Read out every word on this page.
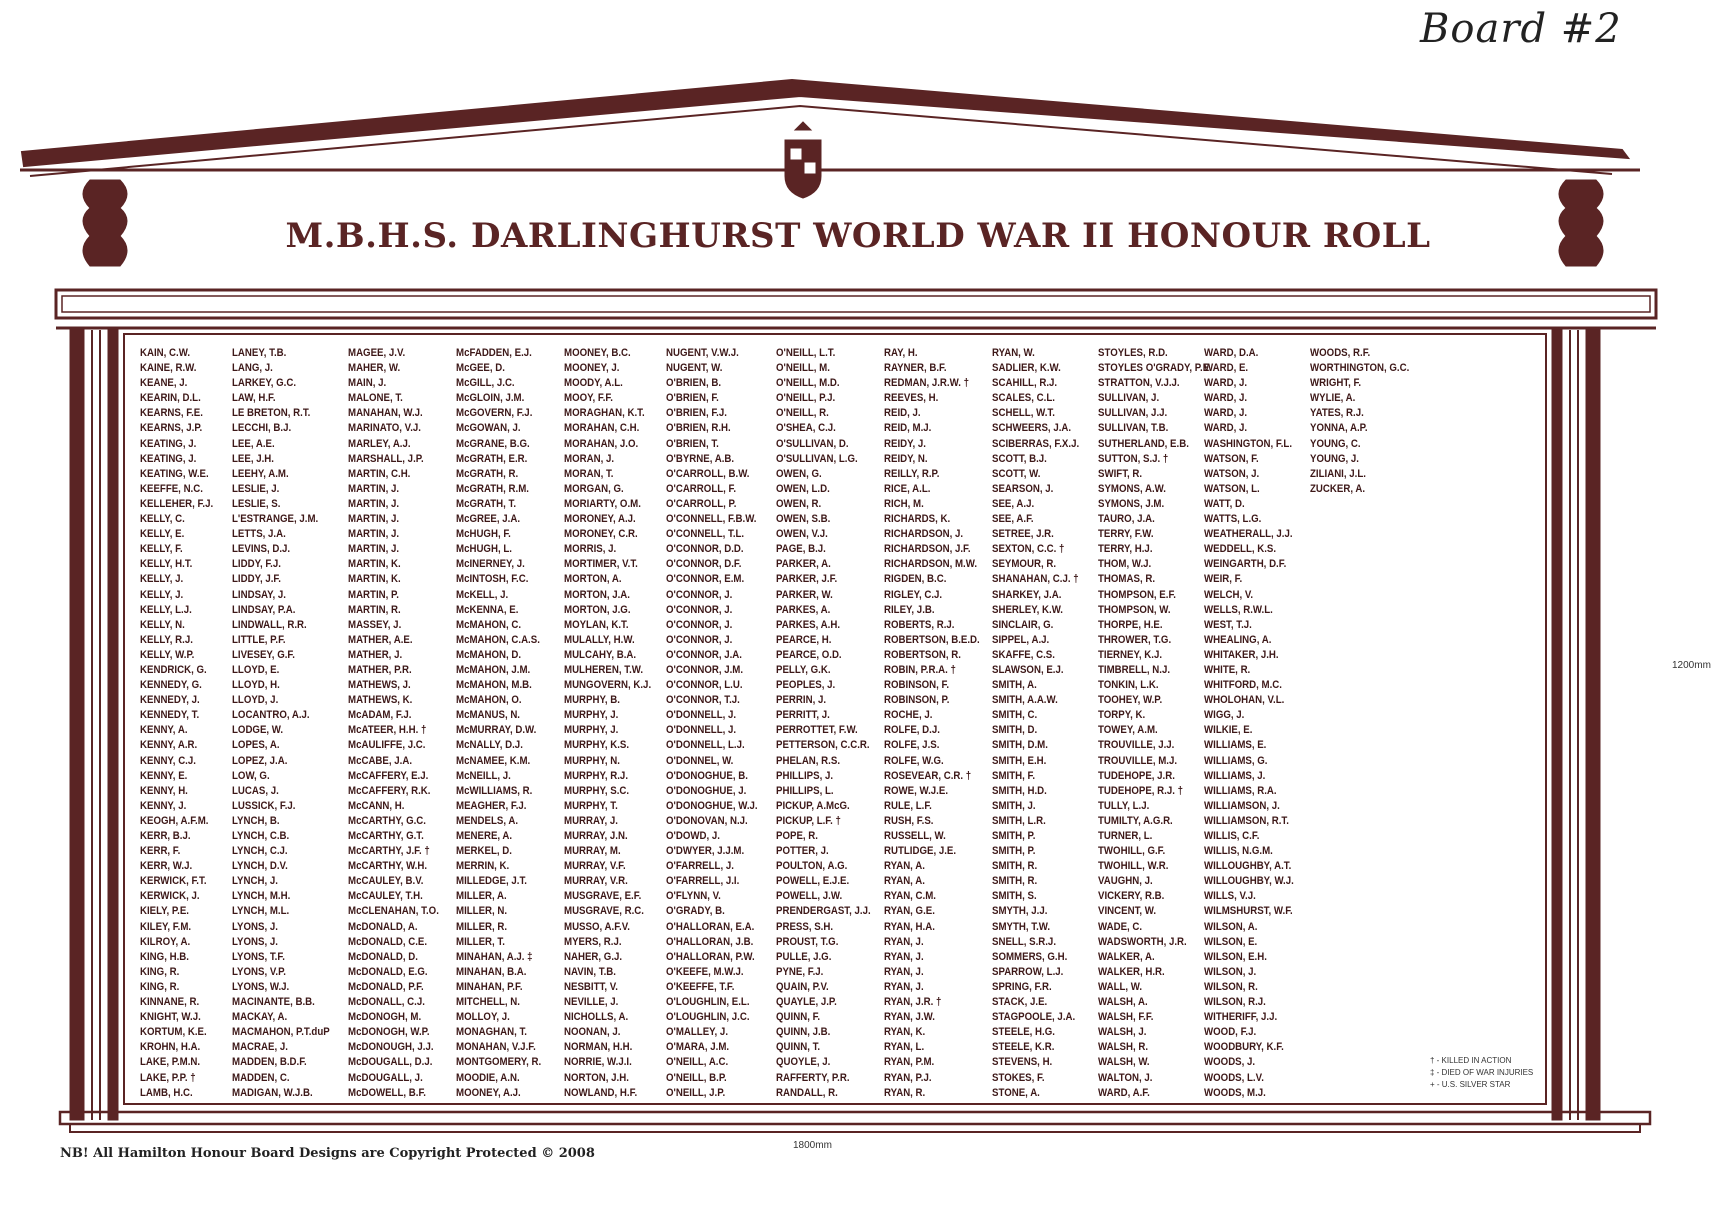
Board #2
M.B.H.S. DARLINGHURST WORLD WAR II HONOUR ROLL
KAIN, C.W.
KAINE, R.W.
KEANE, J.
KEARIN, D.L.
KEARNS, F.E.
KEARNS, J.P.
KEATING, J.
KEATING, J.
KEATING, W.E.
KEEFFE, N.C.
KELLEHER, F.J.
KELLY, C.
KELLY, E.
KELLY, F.
KELLY, H.T.
KELLY, J.
KELLY, J.
KELLY, L.J.
KELLY, N.
KELLY, R.J.
KELLY, W.P.
KENDRICK, G.
KENNEDY, G.
KENNEDY, J.
KENNEDY, T.
KENNY, A.
KENNY, A.R.
KENNY, C.J.
KENNY, E.
KENNY, H.
KENNY, J.
KEOGH, A.F.M.
KERR, B.J.
KERR, F.
KERR, W.J.
KERWICK, F.T.
KERWICK, J.
KIELY, P.E.
KILEY, F.M.
KILROY, A.
KING, H.B.
KING, R.
KING, R.
KINNANE, R.
KNIGHT, W.J.
KORTUM, K.E.
KROHN, H.A.
LAKE, P.M.N.
LAKE, P.P. †
LAMB, H.C.
LANEY, T.B.
LANG, J.
LARKEY, G.C.
LAW, H.F.
LE BRETON, R.T.
LECCHI, B.J.
LEE, A.E.
LEE, J.H.
LEEHY, A.M.
LESLIE, J.
LESLIE, S.
L'ESTRANGE, J.M.
LETTS, J.A.
LEVINS, D.J.
LIDDY, F.J.
LIDDY, J.F.
LINDSAY, J.
LINDSAY, P.A.
LINDWALL, R.R.
LITTLE, P.F.
LIVESEY, G.F.
LLOYD, E.
LLOYD, H.
LLOYD, J.
LOCANTRO, A.J.
LODGE, W.
LOPES, A.
LOPEZ, J.A.
LOW, G.
LUCAS, J.
LUSSICK, F.J.
LYNCH, B.
LYNCH, C.B.
LYNCH, C.J.
LYNCH, D.V.
LYNCH, J.
LYNCH, M.H.
LYNCH, M.L.
LYONS, J.
LYONS, J.
LYONS, T.F.
LYONS, V.P.
LYONS, W.J.
MACINANTE, B.B.
MACKAY, A.
MACMAHON, P.T.duP
MACRAE, J.
MADDEN, B.D.F.
MADDEN, C.
MADIGAN, W.J.B.
MAGEE, J.V.
MAHER, W.
MAIN, J.
MALONE, T.
MANAHAN, W.J.
MARINATO, V.J.
MARLEY, A.J.
MARSHALL, J.P.
MARTIN, C.H.
MARTIN, J.
MARTIN, J.
MARTIN, J.
MARTIN, J.
MARTIN, J.
MARTIN, K.
MARTIN, K.
MARTIN, P.
MARTIN, R.
MASSEY, J.
MATHER, A.E.
MATHER, J.
MATHER, P.R.
MATHEWS, J.
MATHEWS, K.
McADAM, F.J.
McATEER, H.H. †
McAULIFFE, J.C.
McCABE, J.A.
McCAFFERY, E.J.
McCAFFERY, R.K.
McCANN, H.
McCARTHY, G.C.
McCARTHY, G.T.
McCARTHY, J.F. †
McCARTHY, W.H.
McCAULEY, B.V.
McCAULEY, T.H.
McCLENAHAN, T.O.
McDONALD, A.
McDONALD, C.E.
McDONALD, D.
McDONALD, E.G.
McDONALD, P.F.
McDONALL, C.J.
McDONOGH, M.
McDONOGH, W.P.
McDONOUGH, J.J.
McDOUGALL, D.J.
McDOUGALL, J.
McDOWELL, B.F.
McFADDEN, E.J.
McGEE, D.
McGILL, J.C.
McGLOIN, J.M.
McGOVERN, F.J.
McGOWAN, J.
McGRANE, B.G.
McGRATH, E.R.
McGRATH, R.
McGRATH, R.M.
McGRATH, T.
McGREE, J.A.
McHUGH, F.
McHUGH, L.
McINERNEY, J.
McINTOSH, F.C.
McKELL, J.
McKENNA, E.
McMAHON, C.
McMAHON, C.A.S.
McMAHON, D.
McMAHON, J.M.
McMAHON, M.B.
McMAHON, O.
McMANUS, N.
McMURRAY, D.W.
McNALLY, D.J.
McNAMEE, K.M.
McNEILL, J.
McWILLIAMS, R.
MEAGHER, F.J.
MENDELS, A.
MENERE, A.
MERKEL, D.
MERRIN, K.
MILLEDGE, J.T.
MILLER, A.
MILLER, N.
MILLER, R.
MILLER, T.
MINAHAN, A.J. ‡
MINAHAN, B.A.
MINAHAN, P.F.
MITCHELL, N.
MOLLOY, J.
MONAGHAN, T.
MONAHAN, V.J.F.
MONTGOMERY, R.
MOODIE, A.N.
MOONEY, A.J.
MOONEY, B.C.
MOONEY, J.
MOODY, A.L.
MOOY, F.F.
MORAGHAN, K.T.
MORAHAN, C.H.
MORAHAN, J.O.
MORAN, J.
MORAN, T.
MORGAN, G.
MORIARTY, O.M.
MORONEY, A.J.
MORONEY, C.R.
MORRIS, J.
MORTIMER, V.T.
MORTON, A.
MORTON, J.A.
MORTON, J.G.
MOYLAN, K.T.
MULALLY, H.W.
MULCAHY, B.A.
MULHEREN, T.W.
MUNGOVERN, K.J.
MURPHY, B.
MURPHY, J.
MURPHY, J.
MURPHY, K.S.
MURPHY, N.
MURPHY, R.J.
MURPHY, S.C.
MURPHY, T.
MURRAY, J.
MURRAY, J.N.
MURRAY, M.
MURRAY, V.F.
MURRAY, V.R.
MUSGRAVE, E.F.
MUSGRAVE, R.C.
MUSSO, A.F.V.
MYERS, R.J.
NAHER, G.J.
NAVIN, T.B.
NESBITT, V.
NEVILLE, J.
NICHOLLS, A.
NOONAN, J.
NORMAN, H.H.
NORRIE, W.J.I.
NORTON, J.H.
NOWLAND, H.F.
NUGENT, V.W.J.
NUGENT, W.
O'BRIEN, B.
O'BRIEN, F.
O'BRIEN, F.J.
O'BRIEN, R.H.
O'BRIEN, T.
O'BYRNE, A.B.
O'CARROLL, B.W.
O'CARROLL, F.
O'CARROLL, P.
O'CONNELL, F.B.W.
O'CONNELL, T.L.
O'CONNOR, D.D.
O'CONNOR, D.F.
O'CONNOR, E.M.
O'CONNOR, J.
O'CONNOR, J.
O'CONNOR, J.
O'CONNOR, J.
O'CONNOR, J.A.
O'CONNOR, J.M.
O'CONNOR, L.U.
O'CONNOR, T.J.
O'DONNELL, J.
O'DONNELL, J.
O'DONNELL, L.J.
O'DONNEL, W.
O'DONOGHUE, B.
O'DONOGHUE, J.
O'DONOGHUE, W.J.
O'DONOVAN, N.J.
O'DOWD, J.
O'DWYER, J.J.M.
O'FARRELL, J.
O'FARRELL, J.I.
O'FLYNN, V.
O'GRADY, B.
O'HALLORAN, E.A.
O'HALLORAN, J.B.
O'HALLORAN, P.W.
O'KEEFE, M.W.J.
O'KEEFFE, T.F.
O'LOUGHLIN, E.L.
O'LOUGHLIN, J.C.
O'MALLEY, J.
O'MARA, J.M.
O'NEILL, A.C.
O'NEILL, B.P.
O'NEILL, J.P.
O'NEILL, L.T.
O'NEILL, M.
O'NEILL, M.D.
O'NEILL, P.J.
O'NEILL, R.
O'SHEA, C.J.
O'SULLIVAN, D.
O'SULLIVAN, L.G.
OWEN, G.
OWEN, L.D.
OWEN, R.
OWEN, S.B.
OWEN, V.J.
PAGE, B.J.
PARKER, A.
PARKER, J.F.
PARKER, W.
PARKES, A.
PARKES, A.H.
PEARCE, H.
PEARCE, O.D.
PELLY, G.K.
PEOPLES, J.
PERRIN, J.
PERRITT, J.
PERROTTET, F.W.
PETTERSON, C.C.R.
PHELAN, R.S.
PHILLIPS, J.
PHILLIPS, L.
PICKUP, A.McG.
PICKUP, L.F. †
POPE, R.
POTTER, J.
POULTON, A.G.
POWELL, E.J.E.
POWELL, J.W.
PRENDERGAST, J.J.
PRESS, S.H.
PROUST, T.G.
PULLE, J.G.
PYNE, F.J.
QUAIN, P.V.
QUAYLE, J.P.
QUINN, F.
QUINN, J.B.
QUINN, T.
QUOYLE, J.
RAFFERTY, P.R.
RANDALL, R.
RAY, H.
RAYNER, B.F.
REDMAN, J.R.W. †
REEVES, H.
REID, J.
REID, M.J.
REIDY, J.
REIDY, N.
REILLY, R.P.
RICE, A.L.
RICH, M.
RICHARDS, K.
RICHARDSON, J.
RICHARDSON, J.F.
RICHARDSON, M.W.
RIGDEN, B.C.
RIGLEY, C.J.
RILEY, J.B.
ROBERTS, R.J.
ROBERTSON, B.E.D.
ROBERTSON, R.
ROBIN, P.R.A. †
ROBINSON, F.
ROBINSON, P.
ROCHE, J.
ROLFE, D.J.
ROLFE, J.S.
ROLFE, W.G.
ROSEVEAR, C.R. †
ROWE, W.J.E.
RULE, L.F.
RUSH, F.S.
RUSSELL, W.
RUTLIDGE, J.E.
RYAN, A.
RYAN, A.
RYAN, C.M.
RYAN, G.E.
RYAN, H.A.
RYAN, J.
RYAN, J.
RYAN, J.
RYAN, J.
RYAN, J.R. †
RYAN, J.W.
RYAN, K.
RYAN, L.
RYAN, P.M.
RYAN, P.J.
RYAN, R.
RYAN, W.
SADLIER, K.W.
SCAHILL, R.J.
SCALES, C.L.
SCHELL, W.T.
SCHWEERS, J.A.
SCIBERRAS, F.X.J.
SCOTT, B.J.
SCOTT, W.
SEARSON, J.
SEE, A.J.
SEE, A.F.
SETREE, J.R.
SEXTON, C.C. †
SEYMOUR, R.
SHANAHAN, C.J. †
SHARKEY, J.A.
SHERLEY, K.W.
SINCLAIR, G.
SIPPEL, A.J.
SKAFFE, C.S.
SLAWSON, E.J.
SMITH, A.
SMITH, A.A.W.
SMITH, C.
SMITH, D.
SMITH, D.M.
SMITH, E.H.
SMITH, F.
SMITH, H.D.
SMITH, J.
SMITH, L.R.
SMITH, P.
SMITH, P.
SMITH, R.
SMITH, R.
SMITH, S.
SMYTH, J.J.
SMYTH, T.W.
SNELL, S.R.J.
SOMMERS, G.H.
SPARROW, L.J.
SPRING, F.R.
STACK, J.E.
STAGPOOLE, J.A.
STEELE, H.G.
STEELE, K.R.
STEVENS, H.
STOKES, F.
STONE, A.
STOYLES, R.D.
STOYLES O'GRADY, P.E.
STRATTON, V.J.J.
SULLIVAN, J.
SULLIVAN, J.J.
SULLIVAN, T.B.
SUTHERLAND, E.B.
SUTTON, S.J. †
SWIFT, R.
SYMONS, A.W.
SYMONS, J.M.
TAURO, J.A.
TERRY, F.W.
TERRY, H.J.
THOM, W.J.
THOMAS, R.
THOMPSON, E.F.
THOMPSON, W.
THORPE, H.E.
THROWER, T.G.
TIERNEY, K.J.
TIMBRELL, N.J.
TONKIN, L.K.
TOOHEY, W.P.
TORPY, K.
TOWEY, A.M.
TROUVILLE, J.J.
TROUVILLE, M.J.
TUDEHOPE, J.R.
TUDEHOPE, R.J. †
TULLY, L.J.
TUMILTY, A.G.R.
TURNER, L.
TWOHILL, G.F.
TWOHILL, W.R.
VAUGHN, J.
VICKERY, R.B.
VINCENT, W.
WADE, C.
WADSWORTH, J.R.
WALKER, A.
WALKER, H.R.
WALL, W.
WALSH, A.
WALSH, F.F.
WALSH, J.
WALSH, R.
WALSH, W.
WALTON, J.
WARD, A.F.
WARD, D.A.
WARD, E.
WARD, J.
WARD, J.
WARD, J.
WARD, J.
WASHINGTON, F.L.
WATSON, F.
WATSON, J.
WATSON, L.
WATT, D.
WATTS, L.G.
WEATHERALL, J.J.
WEDDELL, K.S.
WEINGARTH, D.F.
WEIR, F.
WELCH, V.
WELLS, R.W.L.
WEST, T.J.
WHEALING, A.
WHITAKER, J.H.
WHITE, R.
WHITFORD, M.C.
WHOLOHAN, V.L.
WIGG, J.
WILKIE, E.
WILLIAMS, E.
WILLIAMS, G.
WILLIAMS, J.
WILLIAMS, R.A.
WILLIAMSON, J.
WILLIAMSON, R.T.
WILLIS, C.F.
WILLIS, N.G.M.
WILLOUGHBY, A.T.
WILLOUGHBY, W.J.
WILLS, V.J.
WILMSHURST, W.F.
WILSON, A.
WILSON, E.
WILSON, E.H.
WILSON, J.
WILSON, R.
WILSON, R.J.
WITHERIFF, J.J.
WOOD, F.J.
WOODBURY, K.F.
WOODS, J.
WOODS, L.V.
WOODS, M.J.
WOODS, R.F.
WORTHINGTON, G.C.
WRIGHT, F.
WYLIE, A.
YATES, R.J.
YONNA, A.P.
YOUNG, C.
YOUNG, J.
ZILIANI, J.L.
ZUCKER, A.
† - KILLED IN ACTION
‡ - DIED OF WAR INJURIES
+ - U.S. SILVER STAR
NB! All Hamilton Honour Board Designs are Copyright Protected © 2008
1800mm
1200mm
